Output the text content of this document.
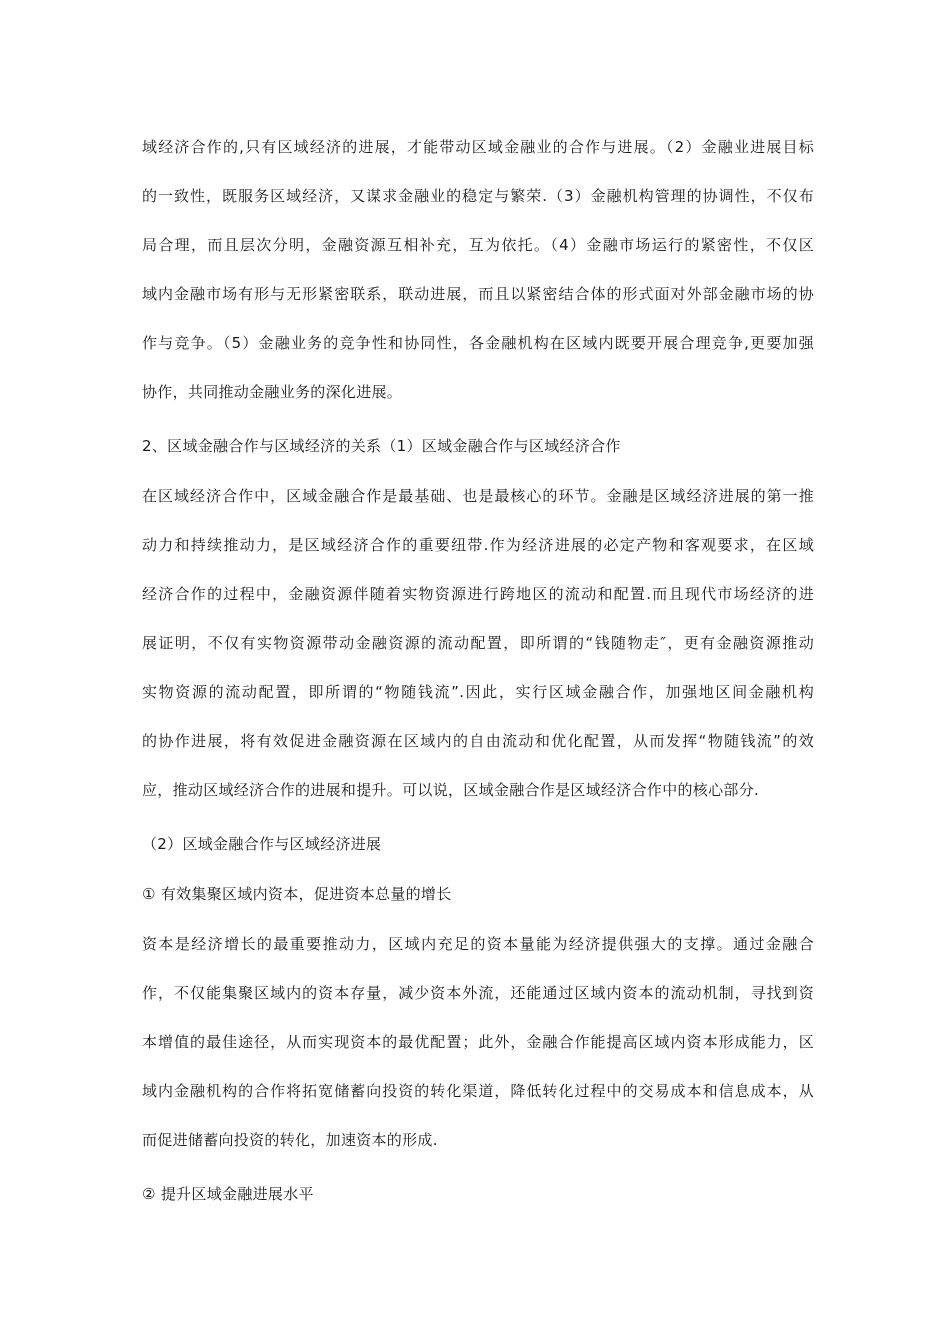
域经济合作的,只有区域经济的进展，才能带动区域金融业的合作与进展。（2）金融业进展目标
的一致性，既服务区域经济，又谋求金融业的稳定与繁荣.（3）金融机构管理的协调性，不仅布
局合理，而且层次分明，金融资源互相补充，互为依托。（4）金融市场运行的紧密性，不仅区
域内金融市场有形与无形紧密联系，联动进展，而且以紧密结合体的形式面对外部金融市场的协
作与竞争。（5）金融业务的竞争性和协同性，各金融机构在区域内既要开展合理竞争,更要加强
协作，共同推动金融业务的深化进展。
2、区域金融合作与区域经济的关系（1）区域金融合作与区域经济合作
在区域经济合作中，区域金融合作是最基础、也是最核心的环节。金融是区域经济进展的第一推
动力和持续推动力，是区域经济合作的重要纽带.作为经济进展的必定产物和客观要求，在区域
经济合作的过程中，金融资源伴随着实物资源进行跨地区的流动和配置.而且现代市场经济的进
展证明，不仅有实物资源带动金融资源的流动配置，即所谓的“钱随物走″，更有金融资源推动
实物资源的流动配置，即所谓的“物随钱流”.因此，实行区域金融合作，加强地区间金融机构
的协作进展，将有效促进金融资源在区域内的自由流动和优化配置，从而发挥“物随钱流”的效
应，推动区域经济合作的进展和提升。可以说，区域金融合作是区域经济合作中的核心部分.
（2）区域金融合作与区域经济进展
① 有效集聚区域内资本，促进资本总量的增长
资本是经济增长的最重要推动力，区域内充足的资本量能为经济提供强大的支撑。通过金融合
作，不仅能集聚区域内的资本存量，减少资本外流，还能通过区域内资本的流动机制，寻找到资
本增值的最佳途径，从而实现资本的最优配置；此外，金融合作能提高区域内资本形成能力，区
域内金融机构的合作将拓宽储蓄向投资的转化渠道，降低转化过程中的交易成本和信息成本，从
而促进储蓄向投资的转化，加速资本的形成.
② 提升区域金融进展水平
